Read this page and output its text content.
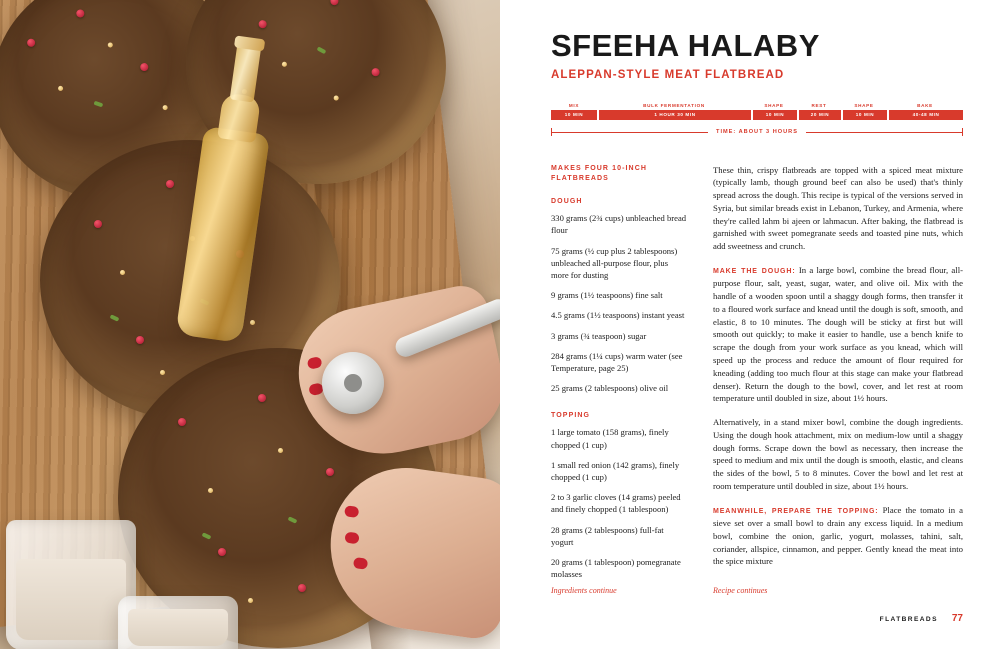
SFEEHA HALABY
ALEPPAN-STYLE MEAT FLATBREAD
MIX	BULK FERMENTATION	SHAPE	REST	SHAPE	BAKE
10 MIN	1 HOUR 30 MIN	10 MIN	20 MIN	10 MIN	40-48 MIN
TIME: ABOUT 3 HOURS
MAKES FOUR 10-INCH FLATBREADS
DOUGH
330 grams (2¾ cups) unbleached bread flour
75 grams (½ cup plus 2 tablespoons) unbleached all-purpose flour, plus more for dusting
9 grams (1½ teaspoons) fine salt
4.5 grams (1½ teaspoons) instant yeast
3 grams (¾ teaspoon) sugar
284 grams (1¼ cups) warm water (see Temperature, page 25)
25 grams (2 tablespoons) olive oil
TOPPING
1 large tomato (158 grams), finely chopped (1 cup)
1 small red onion (142 grams), finely chopped (1 cup)
2 to 3 garlic cloves (14 grams) peeled and finely chopped (1 tablespoon)
28 grams (2 tablespoons) full-fat yogurt
20 grams (1 tablespoon) pomegranate molasses

These thin, crispy flatbreads are topped with a spiced meat mixture (typically lamb, though ground beef can also be used) that's thinly spread across the dough. This recipe is typical of the versions served in Syria, but similar breads exist in Lebanon, Turkey, and Armenia, where they're called lahm bi ajeen or lahmacun. After baking, the flatbread is garnished with sweet pomegranate seeds and toasted pine nuts, which add sweetness and crunch.

MAKE THE DOUGH: In a large bowl, combine the bread flour, all-purpose flour, salt, yeast, sugar, water, and olive oil. Mix with the handle of a wooden spoon until a shaggy dough forms, then transfer it to a floured work surface and knead until the dough is soft, smooth, and elastic, 8 to 10 minutes. The dough will be sticky at first but will smooth out quickly; to make it easier to handle, use a bench knife to scrape the dough from your work surface as you knead, which will speed up the process and reduce the amount of flour required for kneading (adding too much flour at this stage can make your flatbread denser). Return the dough to the bowl, cover, and let rest at room temperature until doubled in size, about 1½ hours.

Alternatively, in a stand mixer bowl, combine the dough ingredients. Using the dough hook attachment, mix on medium-low until a shaggy dough forms. Scrape down the bowl as necessary, then increase the speed to medium and mix until the dough is smooth, elastic, and cleans the sides of the bowl, 5 to 8 minutes. Cover the bowl and let rest at room temperature until doubled in size, about 1½ hours.

MEANWHILE, PREPARE THE TOPPING: Place the tomato in a sieve set over a small bowl to drain any excess liquid. In a medium bowl, combine the onion, garlic, yogurt, molasses, tahini, salt, coriander, allspice, cinnamon, and pepper. Gently knead the meat into the spice mixture

Ingredients continue	Recipe continues
FLATBREADS 77
